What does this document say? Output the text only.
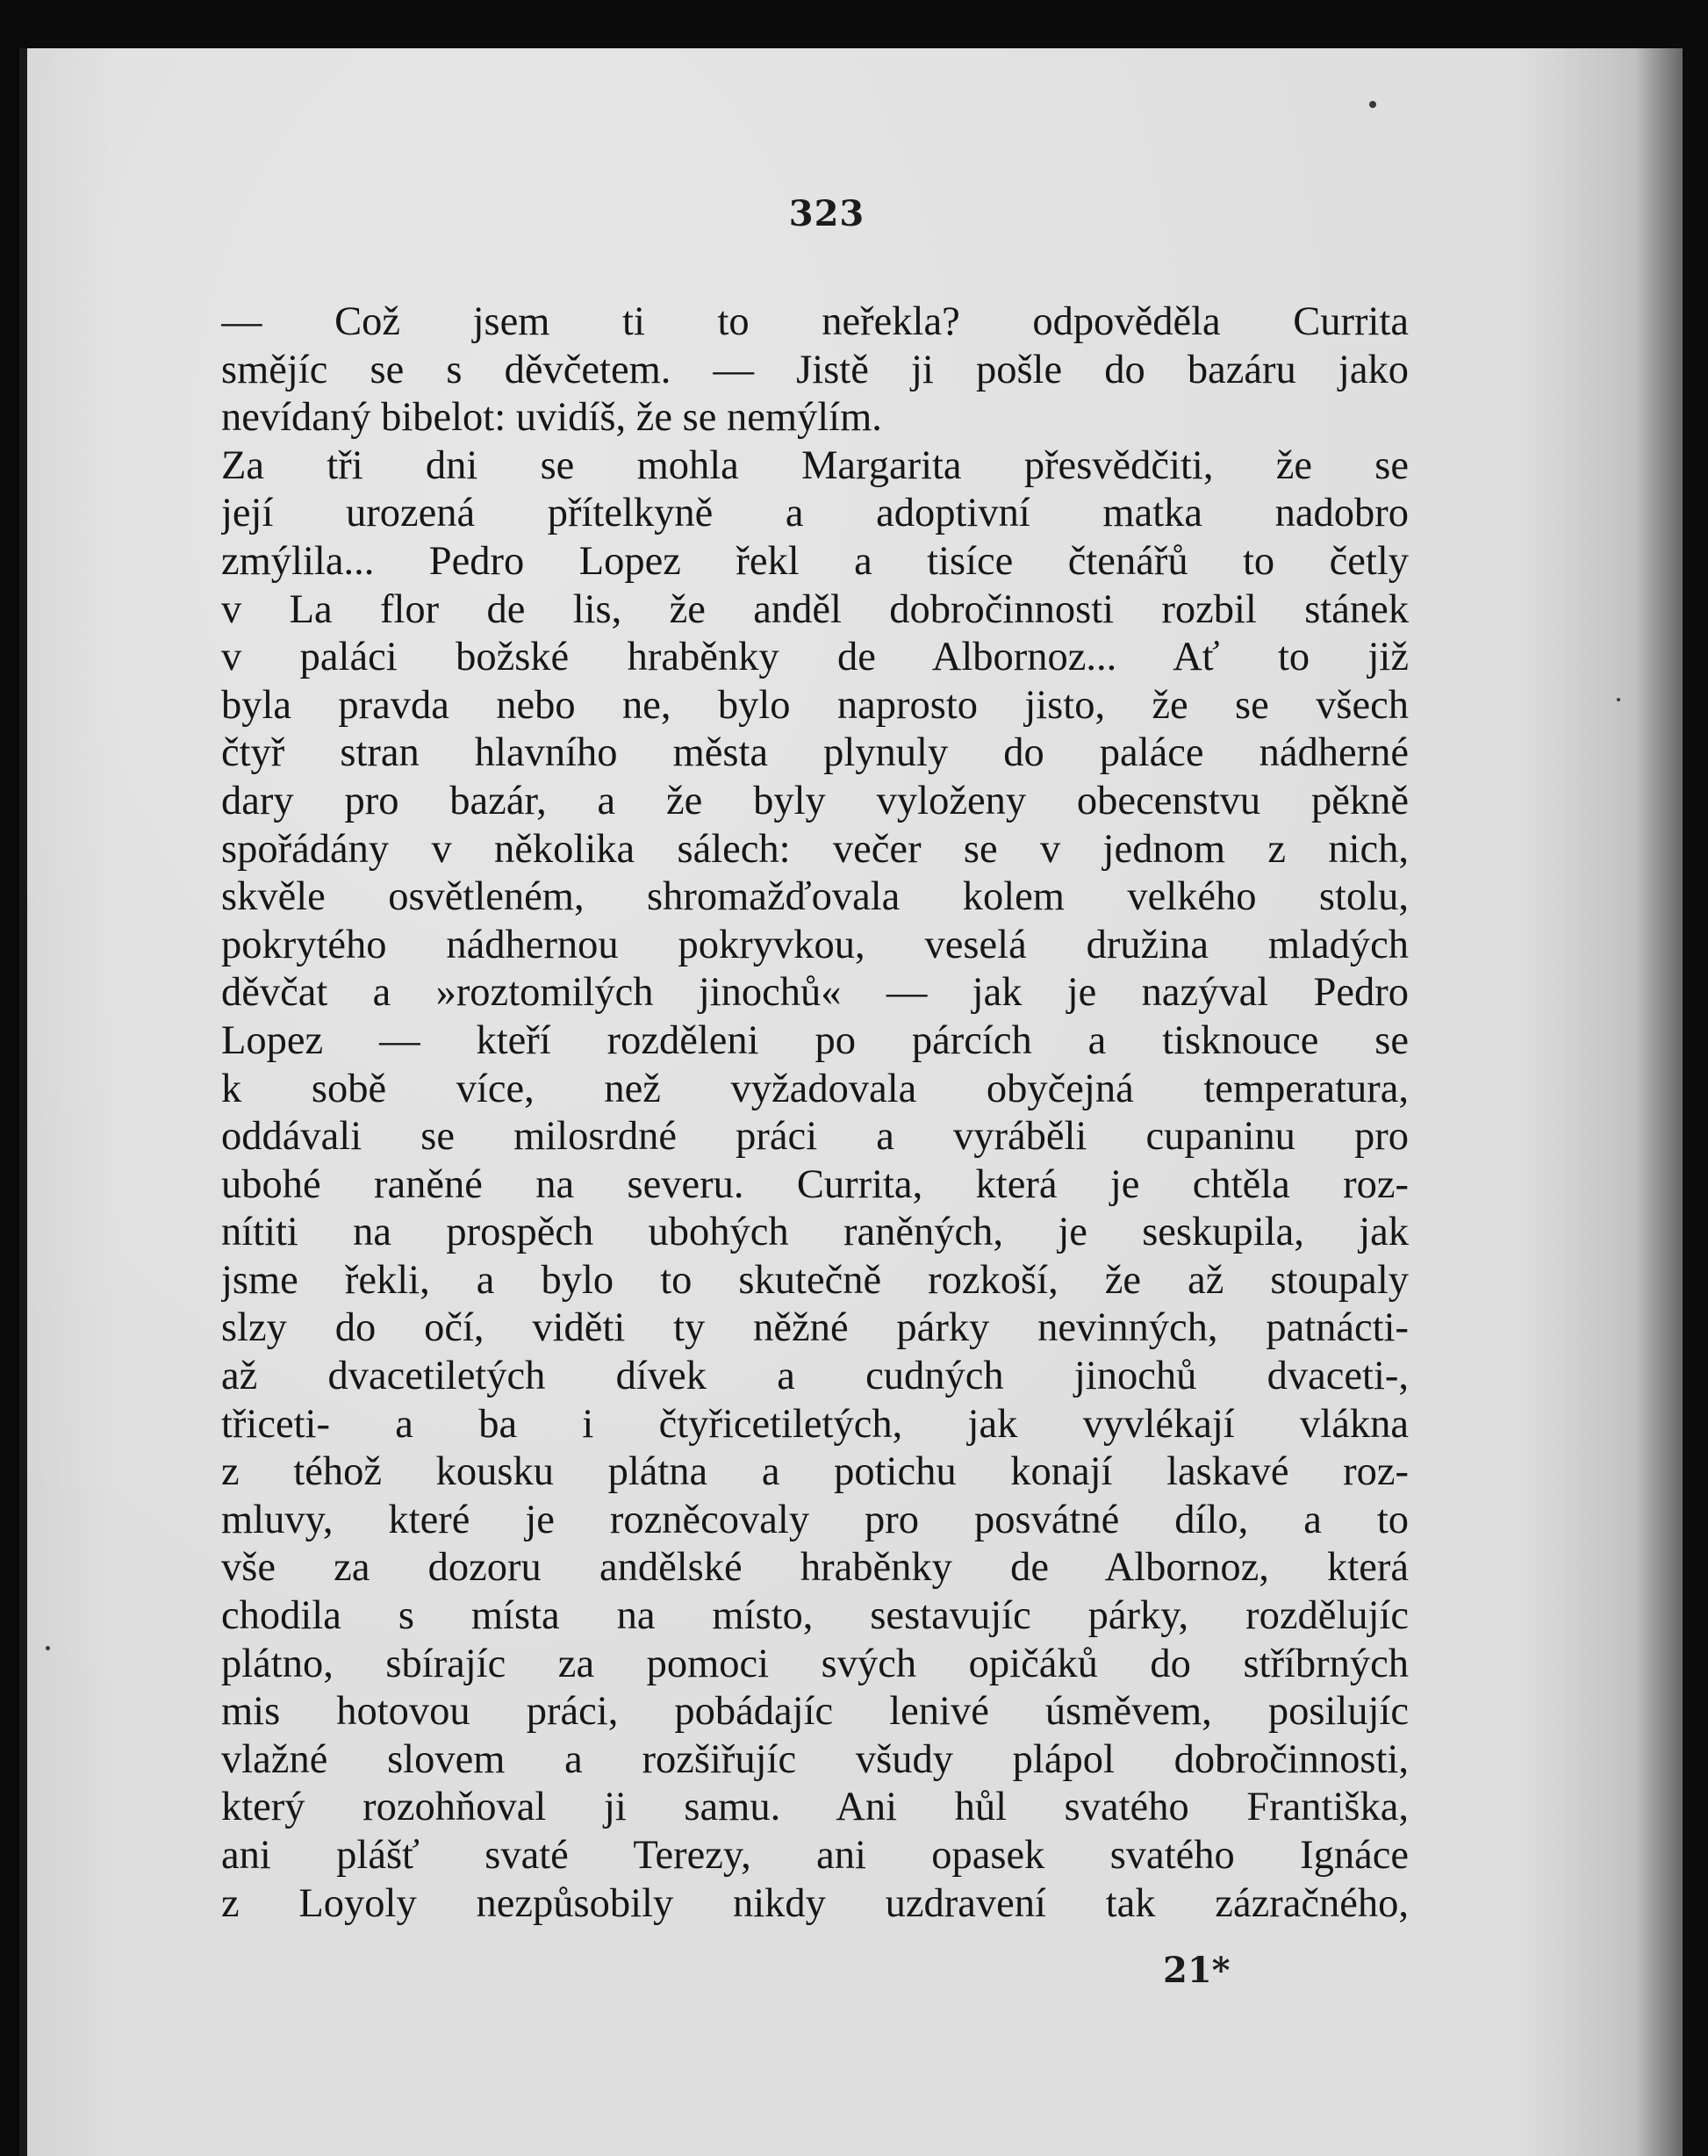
323
— Což jsem ti to neřekla? odpověděla Currita
smějíc se s děvčetem. — Jistě ji pošle do bazáru jako
nevídaný bibelot: uvidíš, že se nemýlím.
Za tři dni se mohla Margarita přesvědčiti, že se
její urozená přítelkyně a adoptivní matka nadobro
zmýlila... Pedro Lopez řekl a tisíce čtenářů to četly
v La flor de lis, že anděl dobročinnosti rozbil stánek
v paláci božské hraběnky de Albornoz... Ať to již
byla pravda nebo ne, bylo naprosto jisto, že se všech
čtyř stran hlavního města plynuly do paláce nádherné
dary pro bazár, a že byly vyloženy obecenstvu pěkně
spořádány v několika sálech: večer se v jednom z nich,
skvěle osvětleném, shromažďovala kolem velkého stolu,
pokrytého nádhernou pokryvkou, veselá družina mladých
děvčat a »roztomilých jinochů« — jak je nazýval Pedro
Lopez — kteří rozděleni po párcích a tisknouce se
k sobě více, než vyžadovala obyčejná temperatura,
oddávali se milosrdné práci a vyráběli cupaninu pro
ubohé raněné na severu. Currita, která je chtěla roz-
nítiti na prospěch ubohých raněných, je seskupila, jak
jsme řekli, a bylo to skutečně rozkoší, že až stoupaly
slzy do očí, viděti ty něžné párky nevinných, patnácti-
až dvacetiletých dívek a cudných jinochů dvaceti-,
třiceti- a ba i čtyřicetiletých, jak vyvlékají vlákna
z téhož kousku plátna a potichu konají laskavé roz-
mluvy, které je rozněcovaly pro posvátné dílo, a to
vše za dozoru andělské hraběnky de Albornoz, která
chodila s místa na místo, sestavujíc párky, rozdělujíc
plátno, sbírajíc za pomoci svých opičáků do stříbrných
mis hotovou práci, pobádajíc lenivé úsměvem, posilujíc
vlažné slovem a rozšiřujíc všudy plápol dobročinnosti,
který rozohňoval ji samu. Ani hůl svatého Františka,
ani plášť svaté Terezy, ani opasek svatého Ignáce
z Loyoly nezpůsobily nikdy uzdravení tak zázračného,
21*
